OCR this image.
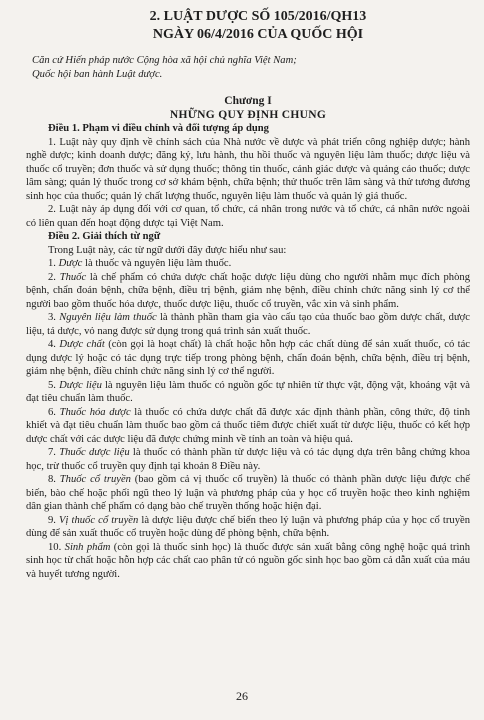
2. LUẬT DƯỢC SỐ 105/2016/QH13
NGÀY 06/4/2016 CỦA QUỐC HỘI
Căn cứ Hiến pháp nước Cộng hòa xã hội chủ nghĩa Việt Nam;
Quốc hội ban hành Luật dược.
Chương I
NHỮNG QUY ĐỊNH CHUNG

Điều 1. Phạm vi điều chỉnh và đối tượng áp dụng

1. Luật này quy định về chính sách của Nhà nước về dược và phát triển công nghiệp dược; hành nghề dược; kinh doanh dược; đăng ký, lưu hành, thu hồi thuốc và nguyên liệu làm thuốc; dược liệu và thuốc cổ truyền; đơn thuốc và sử dụng thuốc; thông tin thuốc, cảnh giác dược và quảng cáo thuốc; dược lâm sàng; quản lý thuốc trong cơ sở khám bệnh, chữa bệnh; thử thuốc trên lâm sàng và thử tương đương sinh học của thuốc; quản lý chất lượng thuốc, nguyên liệu làm thuốc và quản lý giá thuốc.

2. Luật này áp dụng đối với cơ quan, tổ chức, cá nhân trong nước và tổ chức, cá nhân nước ngoài có liên quan đến hoạt động dược tại Việt Nam.

Điều 2. Giải thích từ ngữ

Trong Luật này, các từ ngữ dưới đây được hiểu như sau:

1. Dược là thuốc và nguyên liệu làm thuốc.

2. Thuốc là chế phẩm có chứa dược chất hoặc dược liệu dùng cho người nhằm mục đích phòng bệnh, chẩn đoán bệnh, chữa bệnh, điều trị bệnh, giảm nhẹ bệnh, điều chỉnh chức năng sinh lý cơ thể người bao gồm thuốc hóa dược, thuốc dược liệu, thuốc cổ truyền, vắc xin và sinh phẩm.

3. Nguyên liệu làm thuốc là thành phần tham gia vào cấu tạo của thuốc bao gồm dược chất, dược liệu, tá dược, vỏ nang được sử dụng trong quá trình sản xuất thuốc.

4. Dược chất (còn gọi là hoạt chất) là chất hoặc hỗn hợp các chất dùng để sản xuất thuốc, có tác dụng dược lý hoặc có tác dụng trực tiếp trong phòng bệnh, chẩn đoán bệnh, chữa bệnh, điều trị bệnh, giảm nhẹ bệnh, điều chỉnh chức năng sinh lý cơ thể người.

5. Dược liệu là nguyên liệu làm thuốc có nguồn gốc tự nhiên từ thực vật, động vật, khoáng vật và đạt tiêu chuẩn làm thuốc.

6. Thuốc hóa dược là thuốc có chứa dược chất đã được xác định thành phần, công thức, độ tinh khiết và đạt tiêu chuẩn làm thuốc bao gồm cả thuốc tiêm được chiết xuất từ dược liệu, thuốc có kết hợp dược chất với các dược liệu đã được chứng minh về tính an toàn và hiệu quả.

7. Thuốc dược liệu là thuốc có thành phần từ dược liệu và có tác dụng dựa trên bằng chứng khoa học, trừ thuốc cổ truyền quy định tại khoản 8 Điều này.

8. Thuốc cổ truyền (bao gồm cả vị thuốc cổ truyền) là thuốc có thành phần dược liệu được chế biến, bào chế hoặc phối ngũ theo lý luận và phương pháp của y học cổ truyền hoặc theo kinh nghiệm dân gian thành chế phẩm có dạng bào chế truyền thống hoặc hiện đại.

9. Vị thuốc cổ truyền là dược liệu được chế biến theo lý luận và phương pháp của y học cổ truyền dùng để sản xuất thuốc cổ truyền hoặc dùng để phòng bệnh, chữa bệnh.

10. Sinh phẩm (còn gọi là thuốc sinh học) là thuốc được sản xuất bằng công nghệ hoặc quá trình sinh học từ chất hoặc hỗn hợp các chất cao phân tử có nguồn gốc sinh học bao gồm cả dẫn xuất của máu và huyết tương người.

26
